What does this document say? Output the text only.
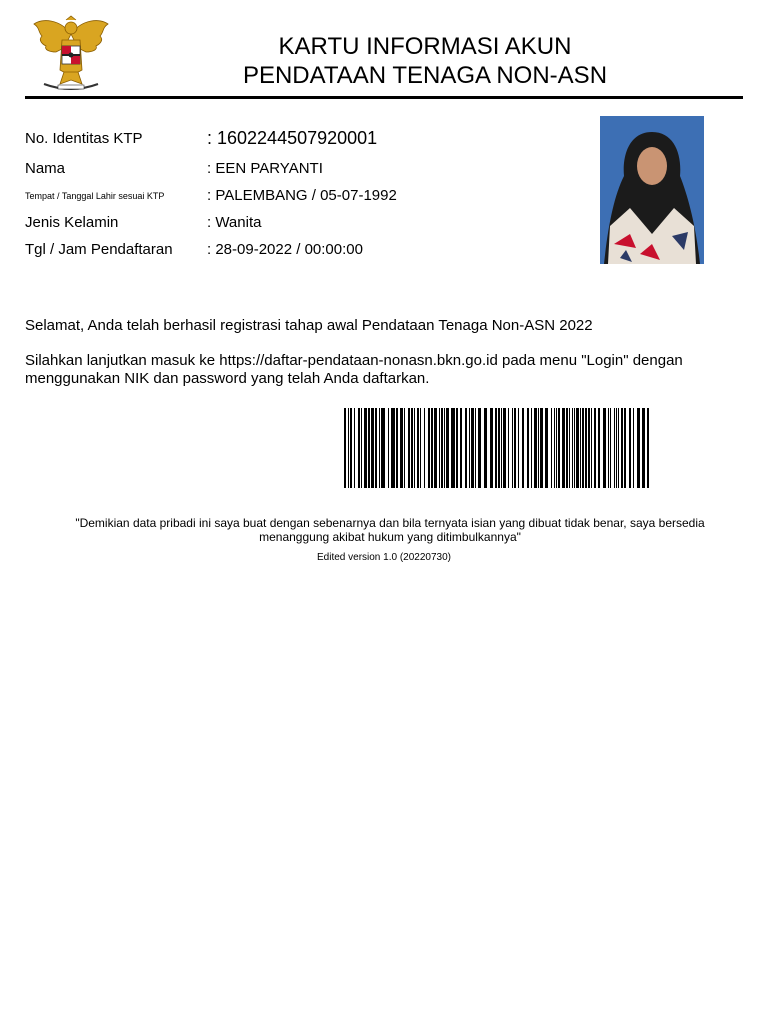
KARTU INFORMASI AKUN
PENDATAAN TENAGA NON-ASN
No. Identitas KTP	: 1602244507920001
Nama	: EEN PARYANTI
Tempat / Tanggal Lahir sesuai KTP	: PALEMBANG / 05-07-1992
Jenis Kelamin	: Wanita
Tgl / Jam Pendaftaran : 28-09-2022 / 00:00:00
Selamat, Anda telah berhasil registrasi tahap awal Pendataan Tenaga Non-ASN 2022
Silahkan lanjutkan masuk ke https://daftar-pendataan-nonasn.bkn.go.id pada menu "Login" dengan menggunakan NIK dan password yang telah Anda daftarkan.
"Demikian data pribadi ini saya buat dengan sebenarnya dan bila ternyata isian yang dibuat tidak benar, saya bersedia menanggung akibat hukum yang ditimbulkannya"
Edited version 1.0 (20220730)
